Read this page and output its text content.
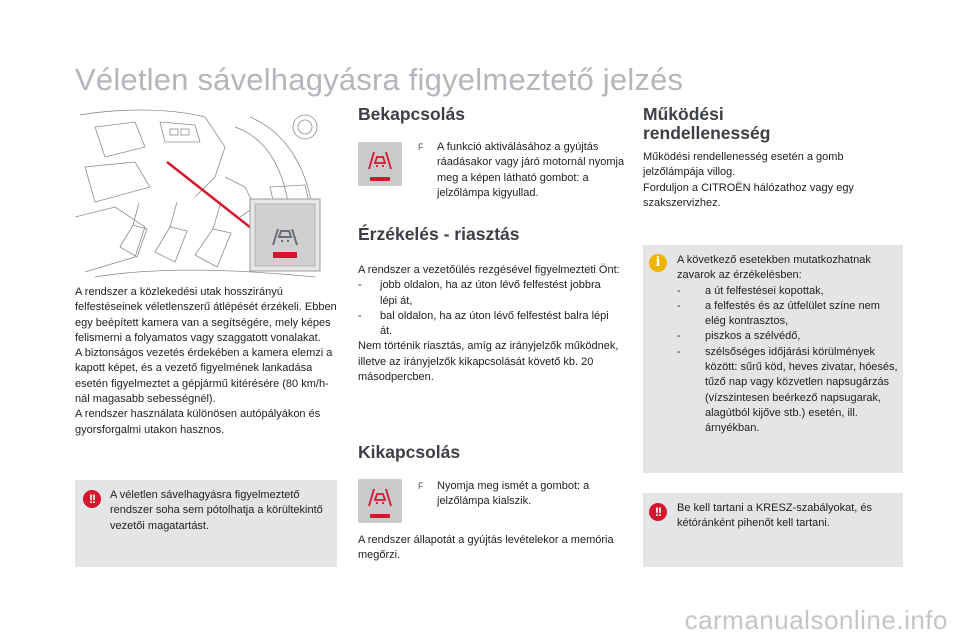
Véletlen sávelhagyásra figyelmeztető jelzés

A rendszer a közlekedési utak hosszirányú felfestéseinek véletlenszerű átlépését érzékeli. Ebben egy beépített kamera van a segítségére, mely képes felismerni a folyamatos vagy szaggatott vonalakat.

A biztonságos vezetés érdekében a kamera elemzi a kapott képet, és a vezető figyelmének lankadása esetén figyelmeztet a gépjármű kitérésére (80 km/h-nál magasabb sebességnél).

A rendszer használata különösen autópályákon és gyorsforgalmi utakon hasznos.

!!	A véletlen sávelhagyásra figyelmeztető rendszer soha sem pótolhatja a körültekintő vezetői magatartást.

Bekapcsolás
F A funkció aktiválásához a gyújtás ráadásakor vagy járó motornál nyomja meg a képen látható gombot: a jelzőlámpa kigyullad.

Érzékelés - riasztás

A rendszer a vezetőülés rezgésével figyelmezteti Önt:

- jobb oldalon, ha az úton lévő felfestést jobbra lépi át,
- bal oldalon, ha az úton lévő felfestést balra lépi át.

Nem történik riasztás, amíg az irányjelzők működnek, illetve az irányjelzők kikapcsolását követő kb. 20 másodpercben.

Kikapcsolás
F Nyomja meg ismét a gombot: a jelzőlámpa kialszik.

A rendszer állapotát a gyújtás levételekor a memória megőrzi.

Működési
rendellenesség

Működési rendellenesség esetén a gomb jelzőlámpája villog.

Forduljon a CITROËN hálózathoz vagy egy szakszervizhez.

i	A következő esetekben mutatkozhatnak zavarok az érzékelésben:

- a út felfestései kopottak,
- a felfestés és az útfelület színe nem elég kontrasztos,
- piszkos a szélvédő,
- szélsőséges időjárási körülmények között: sűrű köd, heves zivatar, hóesés, tűző nap vagy közvetlen napsugárzás (vízszintesen beérkező napsugarak, alagútból kijőve stb.) esetén, ill. árnyékban.
!!	Be kell tartani a KRESZ-szabályokat, és kétóránként pihenőt kell tartani.

carmanualsonline.info
